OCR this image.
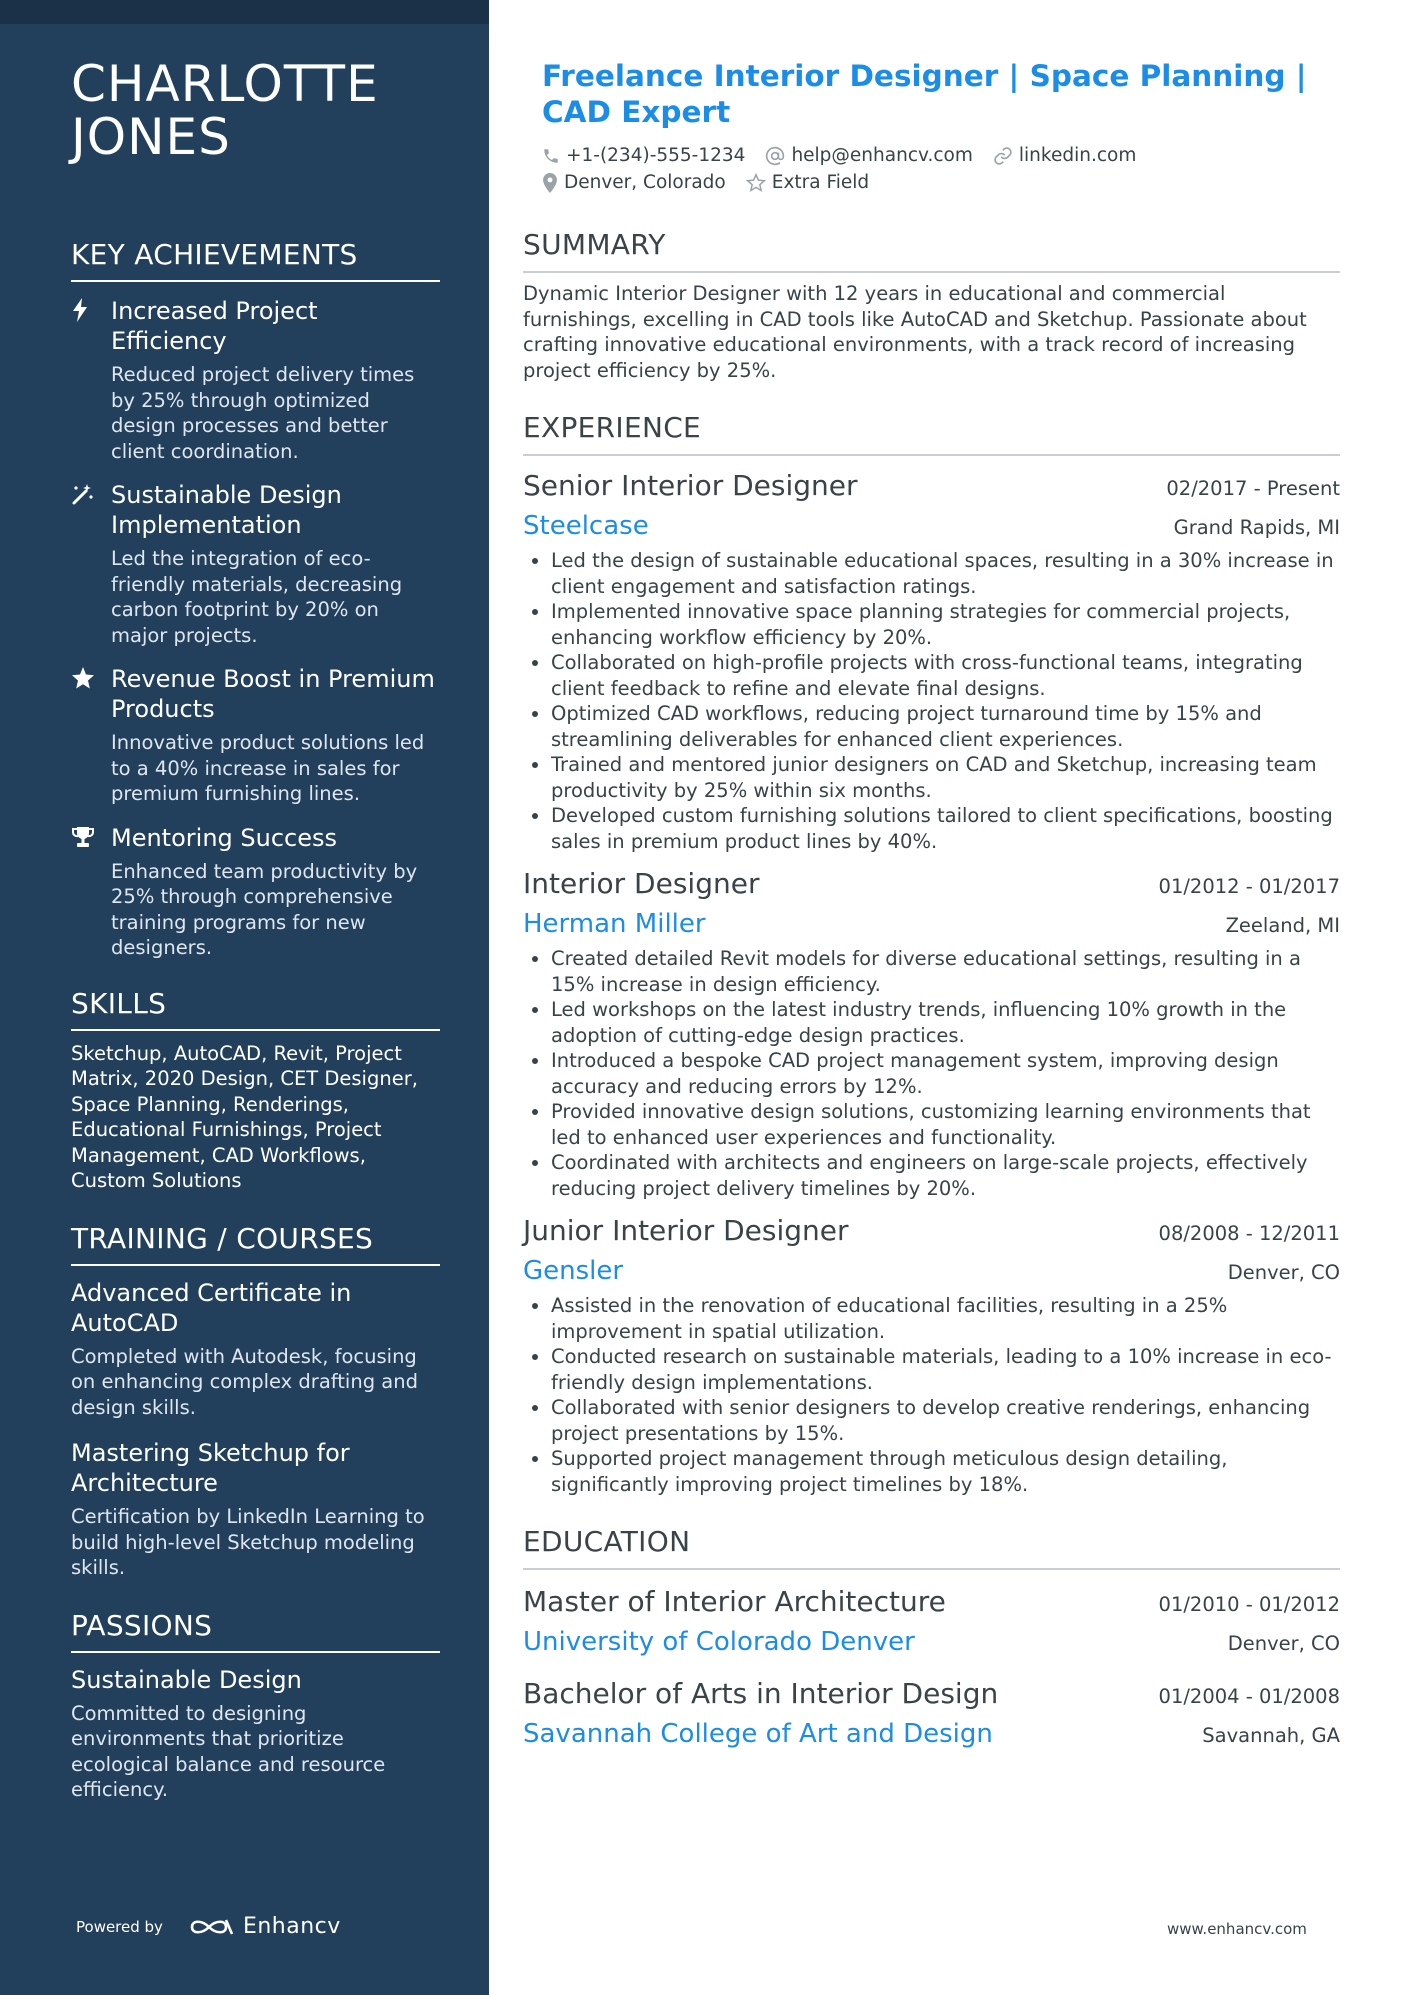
CHARLOTTE
JONES
KEY ACHIEVEMENTS
Increased Project Efficiency
Reduced project delivery times by 25% through optimized design processes and better client coordination.
Sustainable Design Implementation
Led the integration of eco-friendly materials, decreasing carbon footprint by 20% on major projects.
Revenue Boost in Premium Products
Innovative product solutions led to a 40% increase in sales for premium furnishing lines.
Mentoring Success
Enhanced team productivity by 25% through comprehensive training programs for new designers.
SKILLS
Sketchup, AutoCAD, Revit, Project Matrix, 2020 Design, CET Designer, Space Planning, Renderings, Educational Furnishings, Project Management, CAD Workflows, Custom Solutions
TRAINING / COURSES
Advanced Certificate in AutoCAD
Completed with Autodesk, focusing on enhancing complex drafting and design skills.
Mastering Sketchup for Architecture
Certification by LinkedIn Learning to build high-level Sketchup modeling skills.
PASSIONS
Sustainable Design
Committed to designing environments that prioritize ecological balance and resource efficiency.
Powered by	Enhancv
Freelance Interior Designer | Space Planning | CAD Expert
+1-(234)-555-1234 help@enhancv.com linkedin.com
Denver, Colorado Extra Field
SUMMARY
Dynamic Interior Designer with 12 years in educational and commercial furnishings, excelling in CAD tools like AutoCAD and Sketchup. Passionate about crafting innovative educational environments, with a track record of increasing project efficiency by 25%.
EXPERIENCE
Senior Interior Designer	02/2017 - Present
Steelcase	Grand Rapids, MI
• Led the design of sustainable educational spaces, resulting in a 30% increase in client engagement and satisfaction ratings.
• Implemented innovative space planning strategies for commercial projects, enhancing workflow efficiency by 20%.
• Collaborated on high-profile projects with cross-functional teams, integrating client feedback to refine and elevate final designs.
• Optimized CAD workflows, reducing project turnaround time by 15% and streamlining deliverables for enhanced client experiences.
• Trained and mentored junior designers on CAD and Sketchup, increasing team productivity by 25% within six months.
• Developed custom furnishing solutions tailored to client specifications, boosting sales in premium product lines by 40%.
Interior Designer	01/2012 - 01/2017
Herman Miller	Zeeland, MI
• Created detailed Revit models for diverse educational settings, resulting in a 15% increase in design efficiency.
• Led workshops on the latest industry trends, influencing 10% growth in the adoption of cutting-edge design practices.
• Introduced a bespoke CAD project management system, improving design accuracy and reducing errors by 12%.
• Provided innovative design solutions, customizing learning environments that led to enhanced user experiences and functionality.
• Coordinated with architects and engineers on large-scale projects, effectively reducing project delivery timelines by 20%.
Junior Interior Designer	08/2008 - 12/2011
Gensler	Denver, CO
• Assisted in the renovation of educational facilities, resulting in a 25% improvement in spatial utilization.
• Conducted research on sustainable materials, leading to a 10% increase in eco-friendly design implementations.
• Collaborated with senior designers to develop creative renderings, enhancing project presentations by 15%.
• Supported project management through meticulous design detailing, significantly improving project timelines by 18%.
EDUCATION
Master of Interior Architecture	01/2010 - 01/2012
University of Colorado Denver	Denver, CO
Bachelor of Arts in Interior Design	01/2004 - 01/2008
Savannah College of Art and Design	Savannah, GA
www.enhancv.com
